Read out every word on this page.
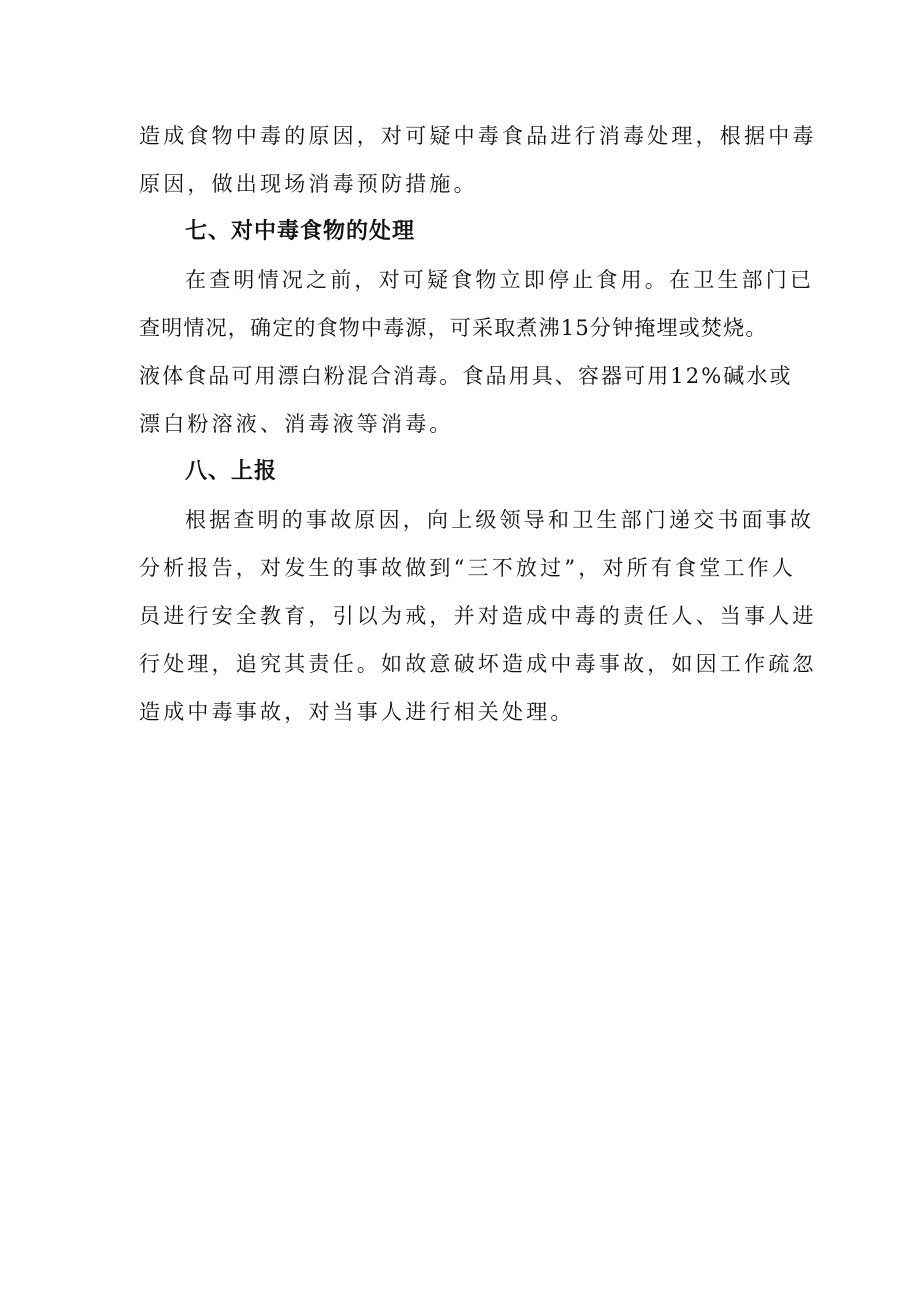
造成食物中毒的原因，对可疑中毒食品进行消毒处理，根据中毒
原因，做出现场消毒预防措施。
七、对中毒食物的处理
在查明情况之前，对可疑食物立即停止食用。在卫生部门已
查明情况，确定的食物中毒源，可采取煮沸15分钟掩埋或焚烧。
液体食品可用漂白粉混合消毒。食品用具、容器可用12%碱水或
漂白粉溶液、消毒液等消毒。
八、上报
根据查明的事故原因，向上级领导和卫生部门递交书面事故
分析报告，对发生的事故做到“三不放过”，对所有食堂工作人
员进行安全教育，引以为戒，并对造成中毒的责任人、当事人进
行处理，追究其责任。如故意破坏造成中毒事故，如因工作疏忽
造成中毒事故，对当事人进行相关处理。
